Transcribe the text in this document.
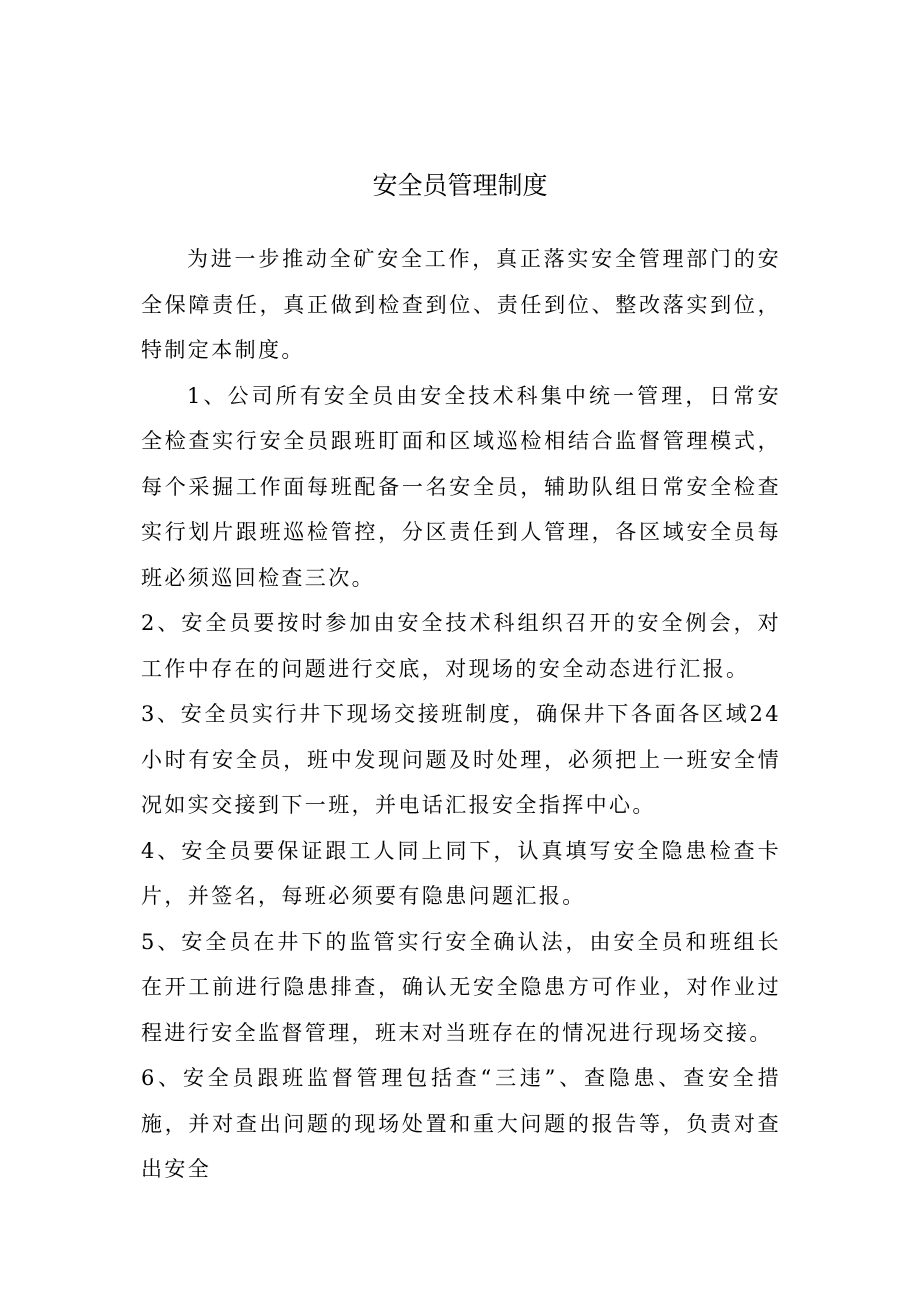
安全员管理制度

为进一步推动全矿安全工作，真正落实安全管理部门的安全保障责任，真正做到检查到位、责任到位、整改落实到位，特制定本制度。

1、公司所有安全员由安全技术科集中统一管理，日常安全检查实行安全员跟班盯面和区域巡检相结合监督管理模式，每个采掘工作面每班配备一名安全员，辅助队组日常安全检查实行划片跟班巡检管控，分区责任到人管理，各区域安全员每班必须巡回检查三次。

2、安全员要按时参加由安全技术科组织召开的安全例会，对工作中存在的问题进行交底，对现场的安全动态进行汇报。

3、安全员实行井下现场交接班制度，确保井下各面各区域24小时有安全员，班中发现问题及时处理，必须把上一班安全情况如实交接到下一班，并电话汇报安全指挥中心。

4、安全员要保证跟工人同上同下，认真填写安全隐患检查卡片，并签名，每班必须要有隐患问题汇报。

5、安全员在井下的监管实行安全确认法，由安全员和班组长在开工前进行隐患排查，确认无安全隐患方可作业，对作业过程进行安全监督管理，班末对当班存在的情况进行现场交接。

6、安全员跟班监督管理包括查“三违”、查隐患、查安全措施，并对查出问题的现场处置和重大问题的报告等，负责对查出安全
